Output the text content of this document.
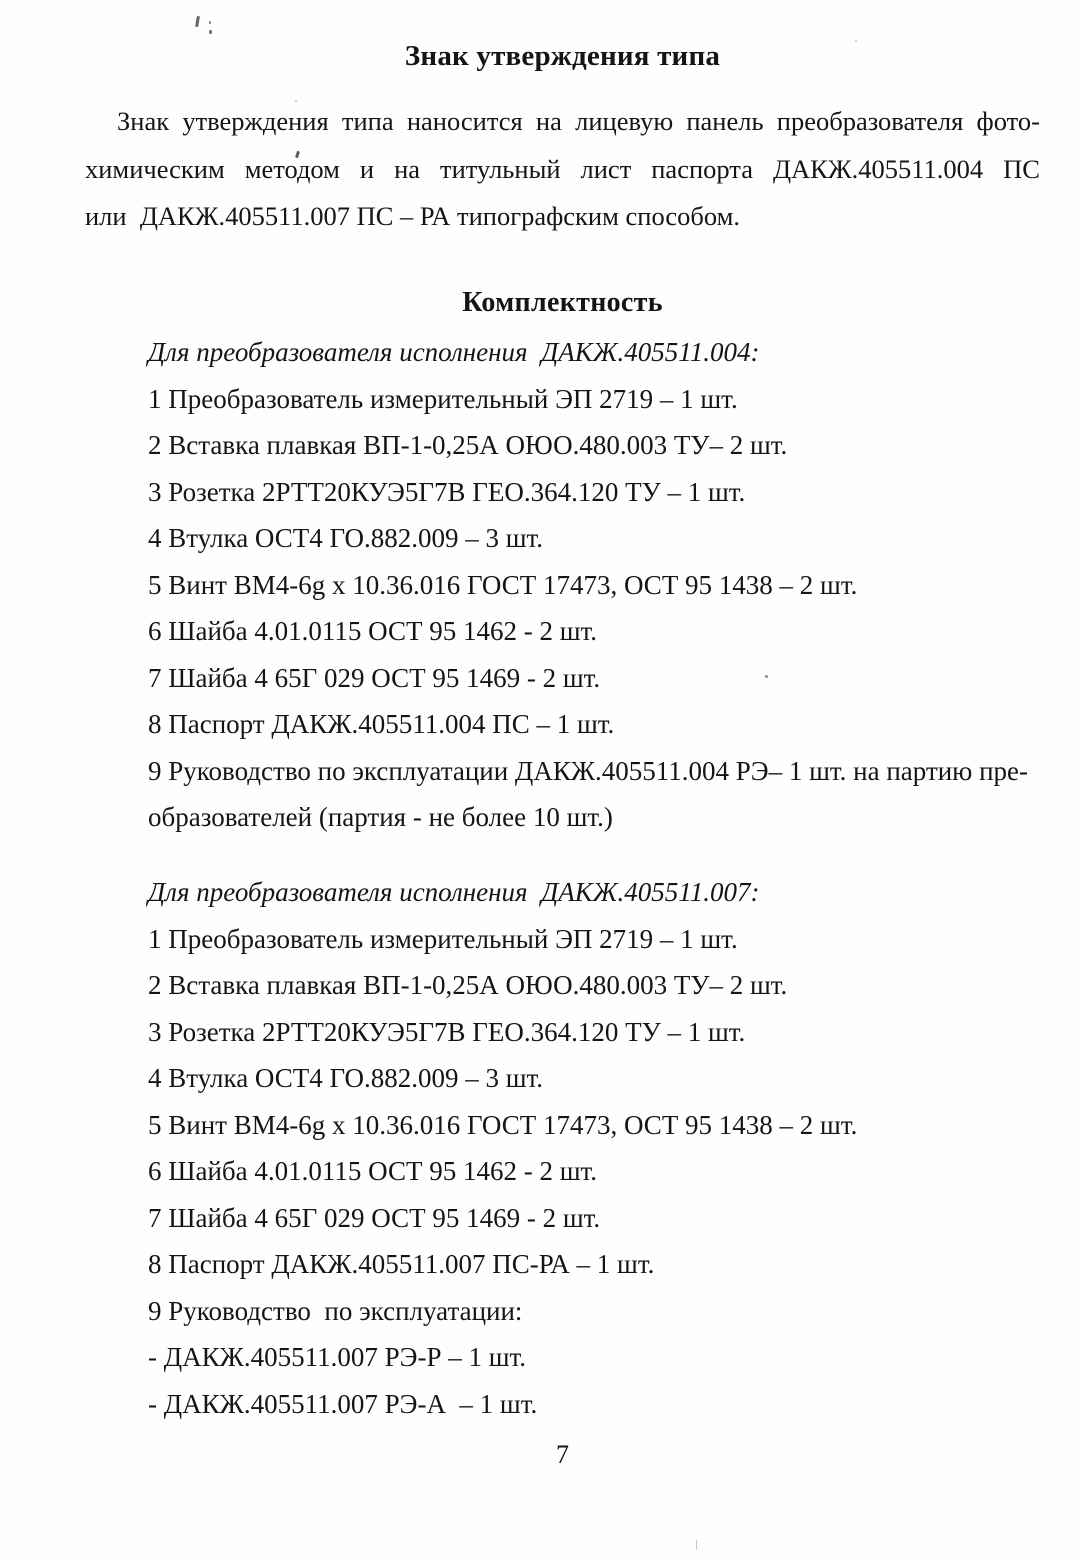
Знак утверждения типа
Знак утверждения типа наносится на лицевую панель преобразователя фото-
химическим методом и на титульный лист паспорта ДАКЖ.405511.004 ПС
или  ДАКЖ.405511.007 ПС – РА типографским способом.
Комплектность
Для преобразователя исполнения  ДАКЖ.405511.004:
1 Преобразователь измерительный ЭП 2719 – 1 шт.
2 Вставка плавкая ВП-1-0,25А ОЮО.480.003 ТУ– 2 шт.
3 Розетка 2РТТ20КУЭ5Г7В ГЕО.364.120 ТУ – 1 шт.
4 Втулка ОСТ4 ГО.882.009 – 3 шт.
5 Винт ВМ4-6g х 10.36.016 ГОСТ 17473, ОСТ 95 1438 – 2 шт.
6 Шайба 4.01.0115 ОСТ 95 1462 - 2 шт.
7 Шайба 4 65Г 029 ОСТ 95 1469 - 2 шт.
8 Паспорт ДАКЖ.405511.004 ПС – 1 шт.
9 Руководство по эксплуатации ДАКЖ.405511.004 РЭ– 1 шт. на партию пре-
образователей (партия - не более 10 шт.)
Для преобразователя исполнения  ДАКЖ.405511.007:
1 Преобразователь измерительный ЭП 2719 – 1 шт.
2 Вставка плавкая ВП-1-0,25А ОЮО.480.003 ТУ– 2 шт.
3 Розетка 2РТТ20КУЭ5Г7В ГЕО.364.120 ТУ – 1 шт.
4 Втулка ОСТ4 ГО.882.009 – 3 шт.
5 Винт ВМ4-6g х 10.36.016 ГОСТ 17473, ОСТ 95 1438 – 2 шт.
6 Шайба 4.01.0115 ОСТ 95 1462 - 2 шт.
7 Шайба 4 65Г 029 ОСТ 95 1469 - 2 шт.
8 Паспорт ДАКЖ.405511.007 ПС-РА – 1 шт.
9 Руководство  по эксплуатации:
- ДАКЖ.405511.007 РЭ-Р – 1 шт.
- ДАКЖ.405511.007 РЭ-А  – 1 шт.
7
